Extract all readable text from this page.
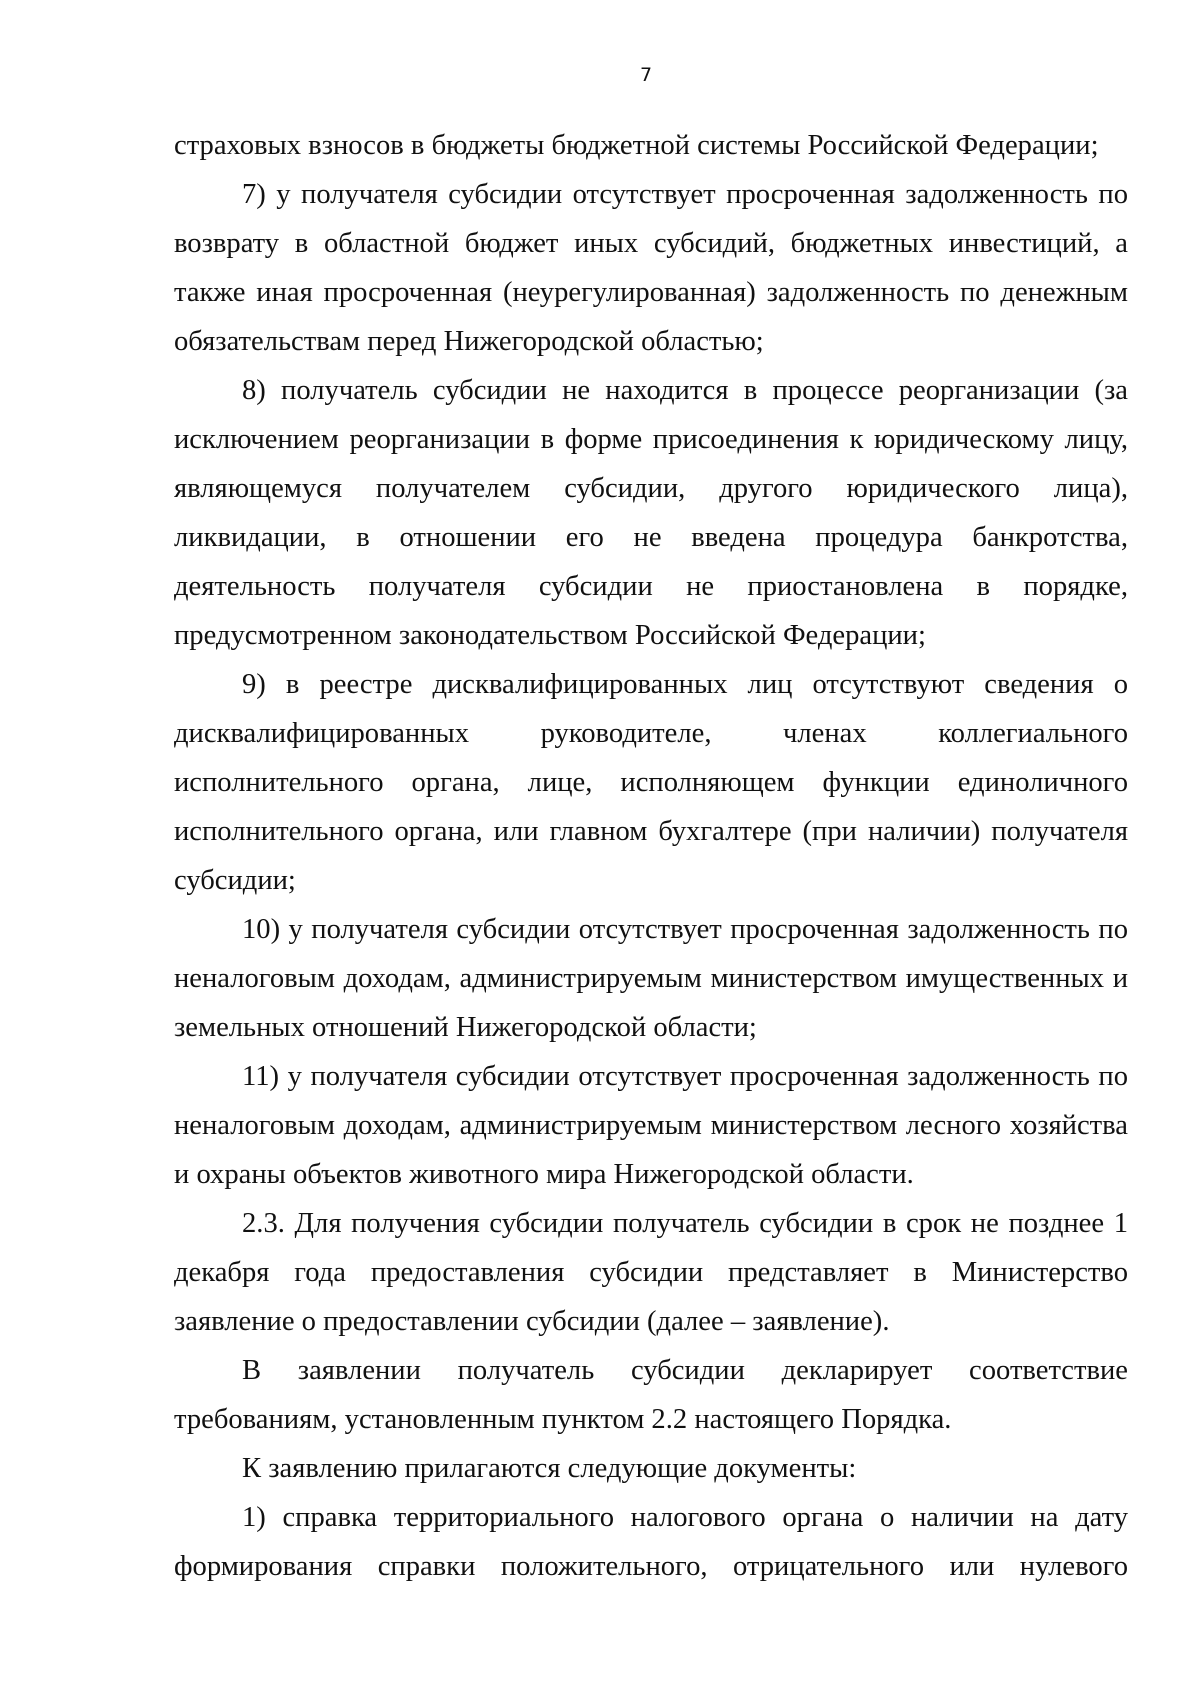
7

страховых взносов в бюджеты бюджетной системы Российской Федерации;

7) у получателя субсидии отсутствует просроченная задолженность по возврату в областной бюджет иных субсидий, бюджетных инвестиций, а также иная просроченная (неурегулированная) задолженность по денежным обязательствам перед Нижегородской областью;

8) получатель субсидии не находится в процессе реорганизации (за исключением реорганизации в форме присоединения к юридическому лицу, являющемуся получателем субсидии, другого юридического лица), ликвидации, в отношении его не введена процедура банкротства, деятельность получателя субсидии не приостановлена в порядке, предусмотренном законодательством Российской Федерации;

9) в реестре дисквалифицированных лиц отсутствуют сведения о дисквалифицированных руководителе, членах коллегиального исполнительного органа, лице, исполняющем функции единоличного исполнительного органа, или главном бухгалтере (при наличии) получателя субсидии;

10) у получателя субсидии отсутствует просроченная задолженность по неналоговым доходам, администрируемым министерством имущественных и земельных отношений Нижегородской области;

11) у получателя субсидии отсутствует просроченная задолженность по неналоговым доходам, администрируемым министерством лесного хозяйства и охраны объектов животного мира Нижегородской области.

2.3. Для получения субсидии получатель субсидии в срок не позднее 1 декабря года предоставления субсидии представляет в Министерство заявление о предоставлении субсидии (далее – заявление).

В заявлении получатель субсидии декларирует соответствие требованиям, установленным пунктом 2.2 настоящего Порядка.

К заявлению прилагаются следующие документы:

1) справка территориального налогового органа о наличии на дату формирования справки положительного, отрицательного или нулевого
